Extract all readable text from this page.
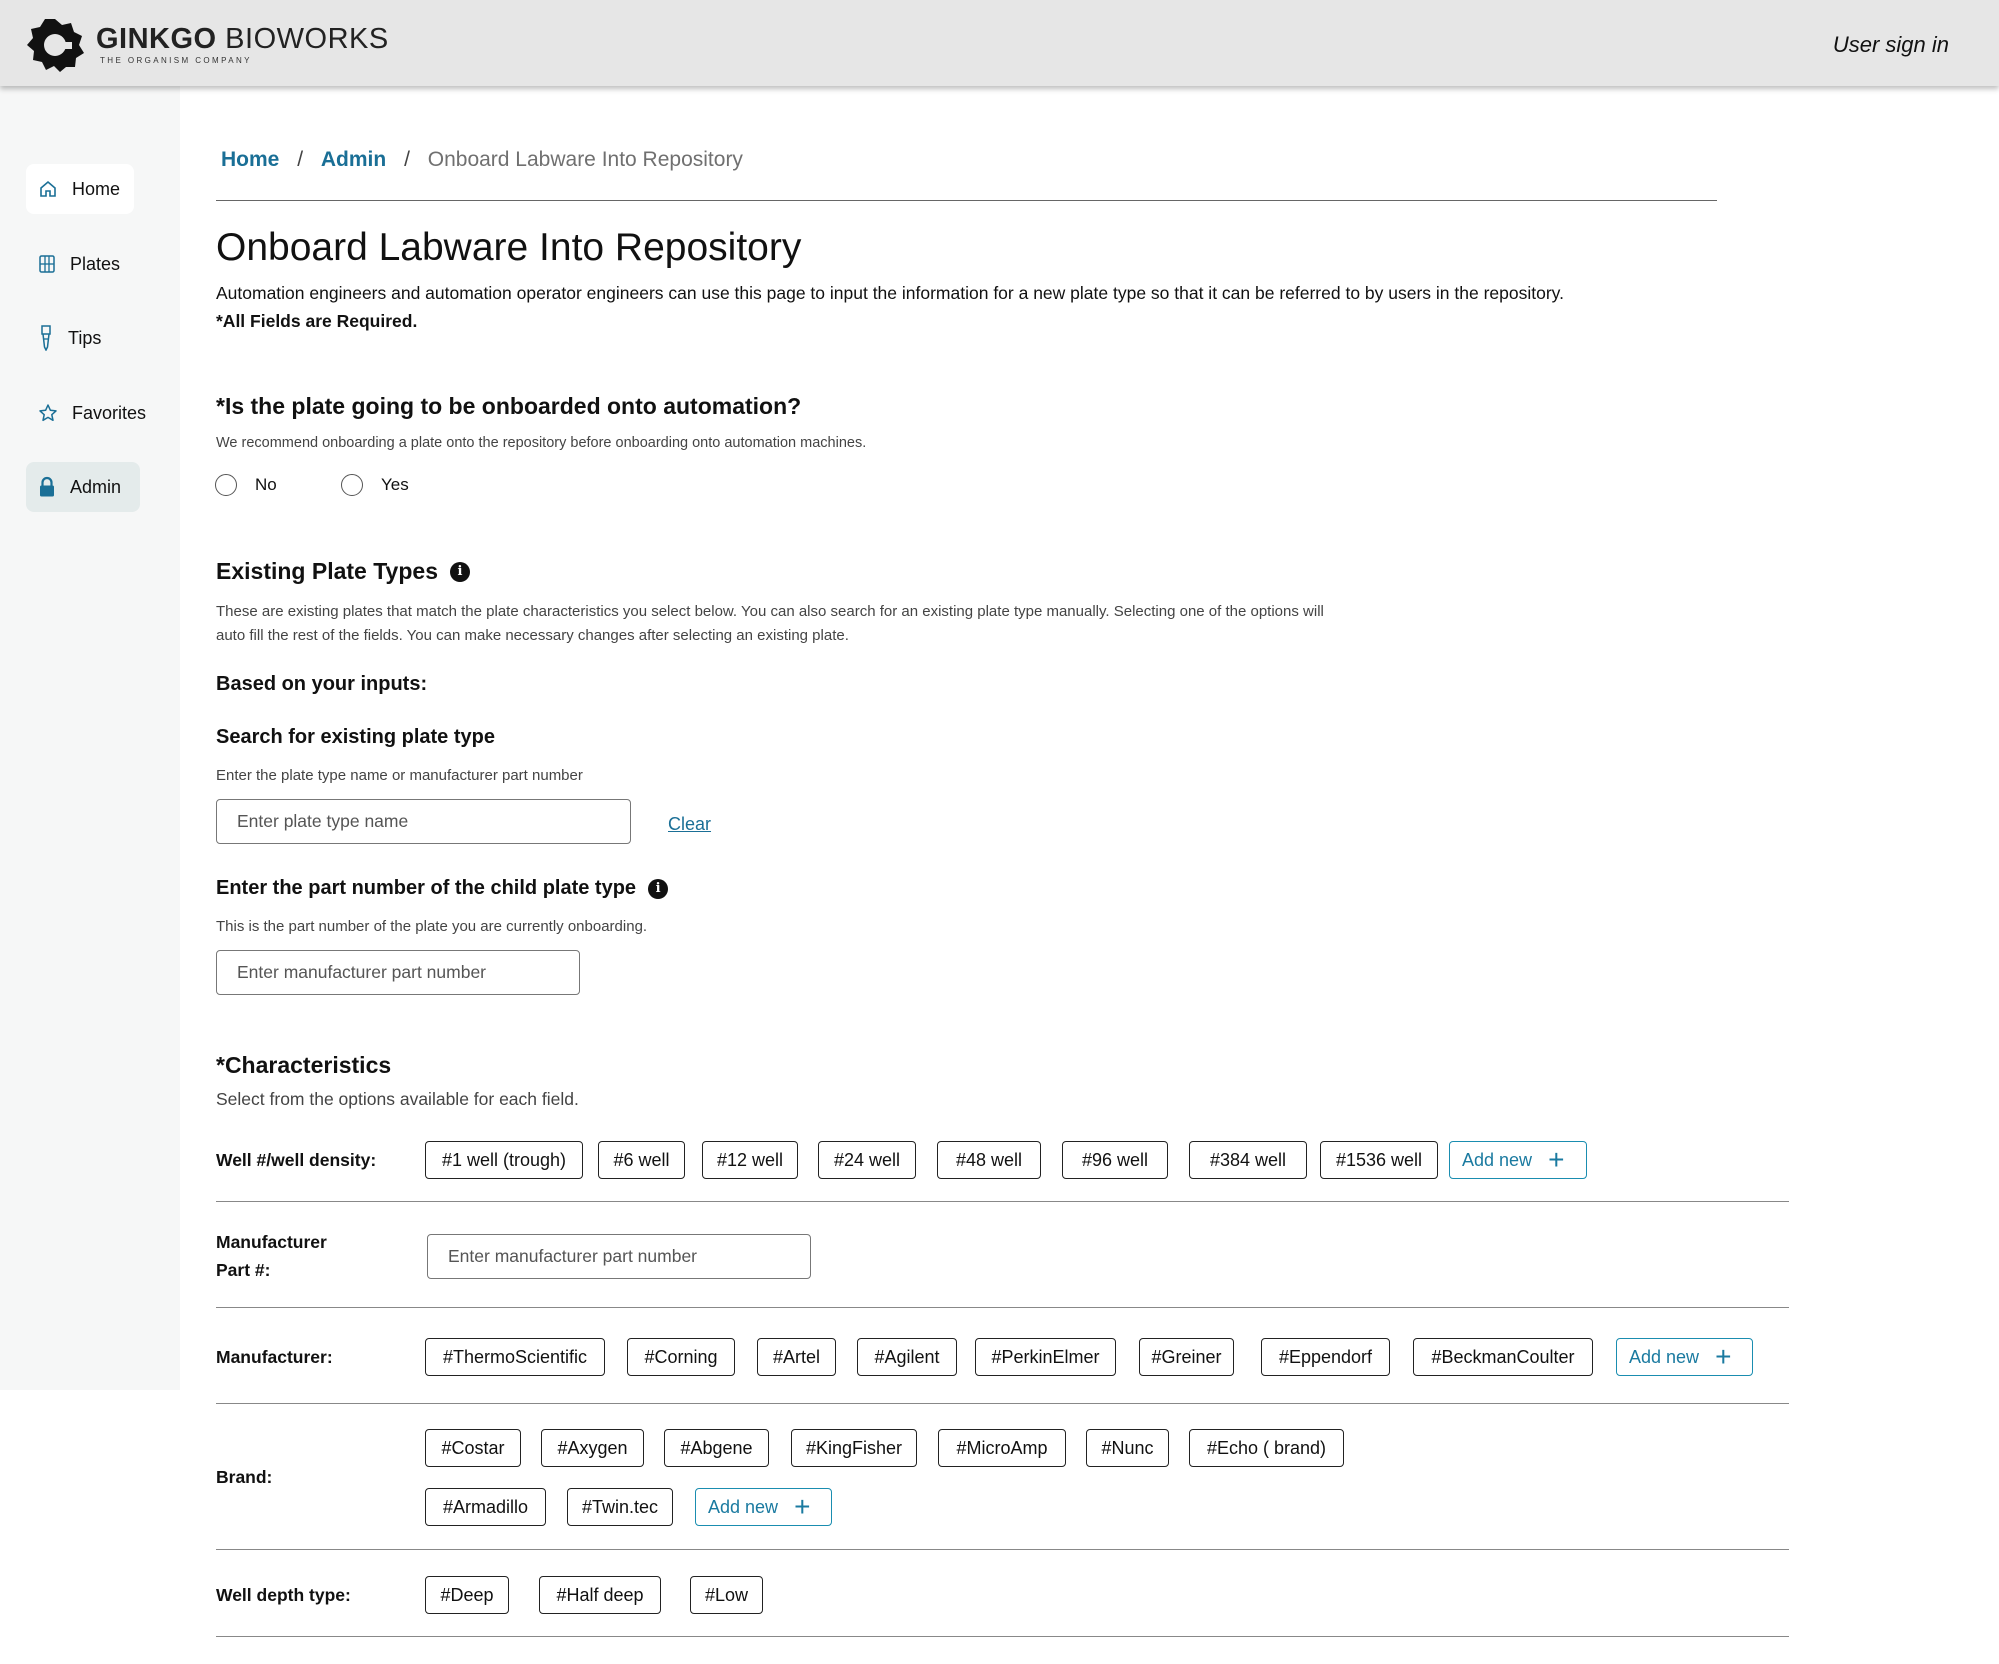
GINKGO BIOWORKS
THE ORGANISM COMPANY
User sign in
Home
Plates
Tips
Favorites
Admin
Home / Admin / Onboard Labware Into Repository
Onboard Labware Into Repository
Automation engineers and automation operator engineers can use this page to input the information for a new plate type so that it can be referred to by users in the repository.
*All Fields are Required.
*Is the plate going to be onboarded onto automation?
We recommend onboarding a plate onto the repository before onboarding onto automation machines.
No	Yes
Existing Plate Types	i
These are existing plates that match the plate characteristics you select below. You can also search for an existing plate type manually. Selecting one of the options will auto fill the rest of the fields. You can make necessary changes after selecting an existing plate.
Based on your inputs:
Search for existing plate type
Enter the plate type name or manufacturer part number
Enter plate type name
Clear
Enter the part number of the child plate type	i
This is the part number of the plate you are currently onboarding.
Enter manufacturer part number
*Characteristics
Select from the options available for each field.
Well #/well density:	#1 well (trough)	#6 well	#12 well	#24 well	#48 well	#96 well	#384 well	#1536 well	Add new +
Manufacturer
Part #:
Enter manufacturer part number
Manufacturer:	#ThermoScientific	#Corning	#Artel	#Agilent	#PerkinElmer	#Greiner	#Eppendorf	#BeckmanCoulter	Add new +
Brand:
#Costar	#Axygen	#Abgene	#KingFisher	#MicroAmp	#Nunc	#Echo ( brand)
#Armadillo	#Twin.tec	Add new +
Well depth type:	#Deep	#Half deep	#Low
